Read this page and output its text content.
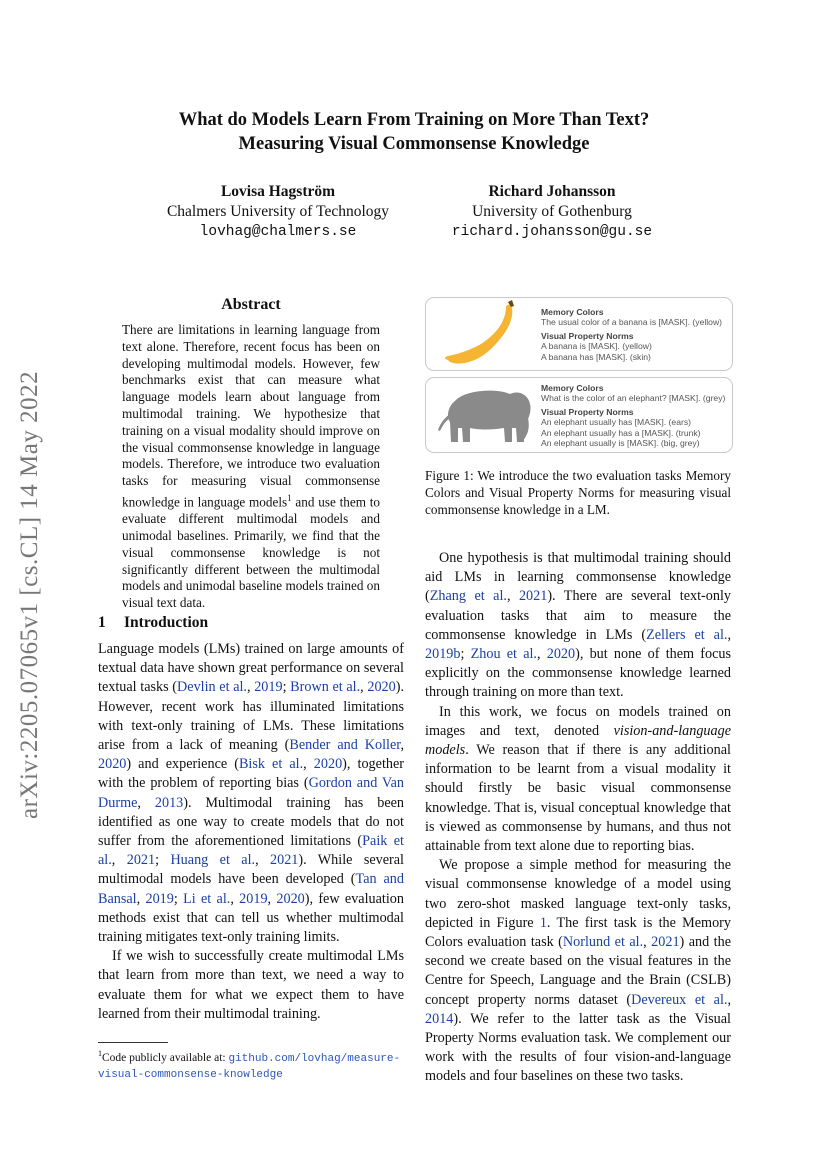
arXiv:2205.07065v1 [cs.CL] 14 May 2022
What do Models Learn From Training on More Than Text?
Measuring Visual Commonsense Knowledge
Lovisa Hagström
Chalmers University of Technology
lovhag@chalmers.se
Richard Johansson
University of Gothenburg
richard.johansson@gu.se
Abstract
There are limitations in learning language from text alone. Therefore, recent focus has been on developing multimodal models. However, few benchmarks exist that can measure what language models learn about language from multimodal training. We hypothesize that training on a visual modality should improve on the visual commonsense knowledge in language models. Therefore, we introduce two evaluation tasks for measuring visual commonsense knowledge in language models$^1$ and use them to evaluate different multimodal models and unimodal baselines. Primarily, we find that the visual commonsense knowledge is not significantly different between the multimodal models and unimodal baseline models trained on visual text data.
1 Introduction

Language models (LMs) trained on large amounts of textual data have shown great performance on several textual tasks (Devlin et al., 2019; Brown et al., 2020). However, recent work has illuminated limitations with text-only training of LMs. These limitations arise from a lack of meaning (Bender and Koller, 2020) and experience (Bisk et al., 2020), together with the problem of reporting bias (Gordon and Van Durme, 2013). Multimodal training has been identified as one way to create models that do not suffer from the aforementioned limitations (Paik et al., 2021; Huang et al., 2021). While several multimodal models have been developed (Tan and Bansal, 2019; Li et al., 2019, 2020), few evaluation methods exist that can tell us whether multimodal training mitigates text-only training limits.

If we wish to successfully create multimodal LMs that learn from more than text, we need a way to evaluate them for what we expect them to have learned from their multimodal training.

$^1$Code publicly available at: github.com/lovhag/measure-visual-commonsense-knowledge
Memory Colors
The usual color of a banana is [MASK]. (yellow)
Visual Property Norms
A banana is [MASK]. (yellow)
A banana has [MASK]. (skin)
Memory Colors
What is the color of an elephant? [MASK]. (grey)
Visual Property Norms
An elephant usually has [MASK]. (ears)
An elephant usually has a [MASK]. (trunk)
An elephant usually is [MASK]. (big, grey)
Figure 1: We introduce the two evaluation tasks Memory Colors and Visual Property Norms for measuring visual commonsense knowledge in a LM.

One hypothesis is that multimodal training should aid LMs in learning commonsense knowledge (Zhang et al., 2021). There are several text-only evaluation tasks that aim to measure the commonsense knowledge in LMs (Zellers et al., 2019b; Zhou et al., 2020), but none of them focus explicitly on the commonsense knowledge learned through training on more than text.

In this work, we focus on models trained on images and text, denoted vision-and-language models. We reason that if there is any additional information to be learnt from a visual modality it should firstly be basic visual commonsense knowledge. That is, visual conceptual knowledge that is viewed as commonsense by humans, and thus not attainable from text alone due to reporting bias.

We propose a simple method for measuring the visual commonsense knowledge of a model using two zero-shot masked language text-only tasks, depicted in Figure 1. The first task is the Memory Colors evaluation task (Norlund et al., 2021) and the second we create based on the visual features in the Centre for Speech, Language and the Brain (CSLB) concept property norms dataset (Devereux et al., 2014). We refer to the latter task as the Visual Property Norms evaluation task. We complement our work with the results of four vision-and-language models and four baselines on these two tasks.
